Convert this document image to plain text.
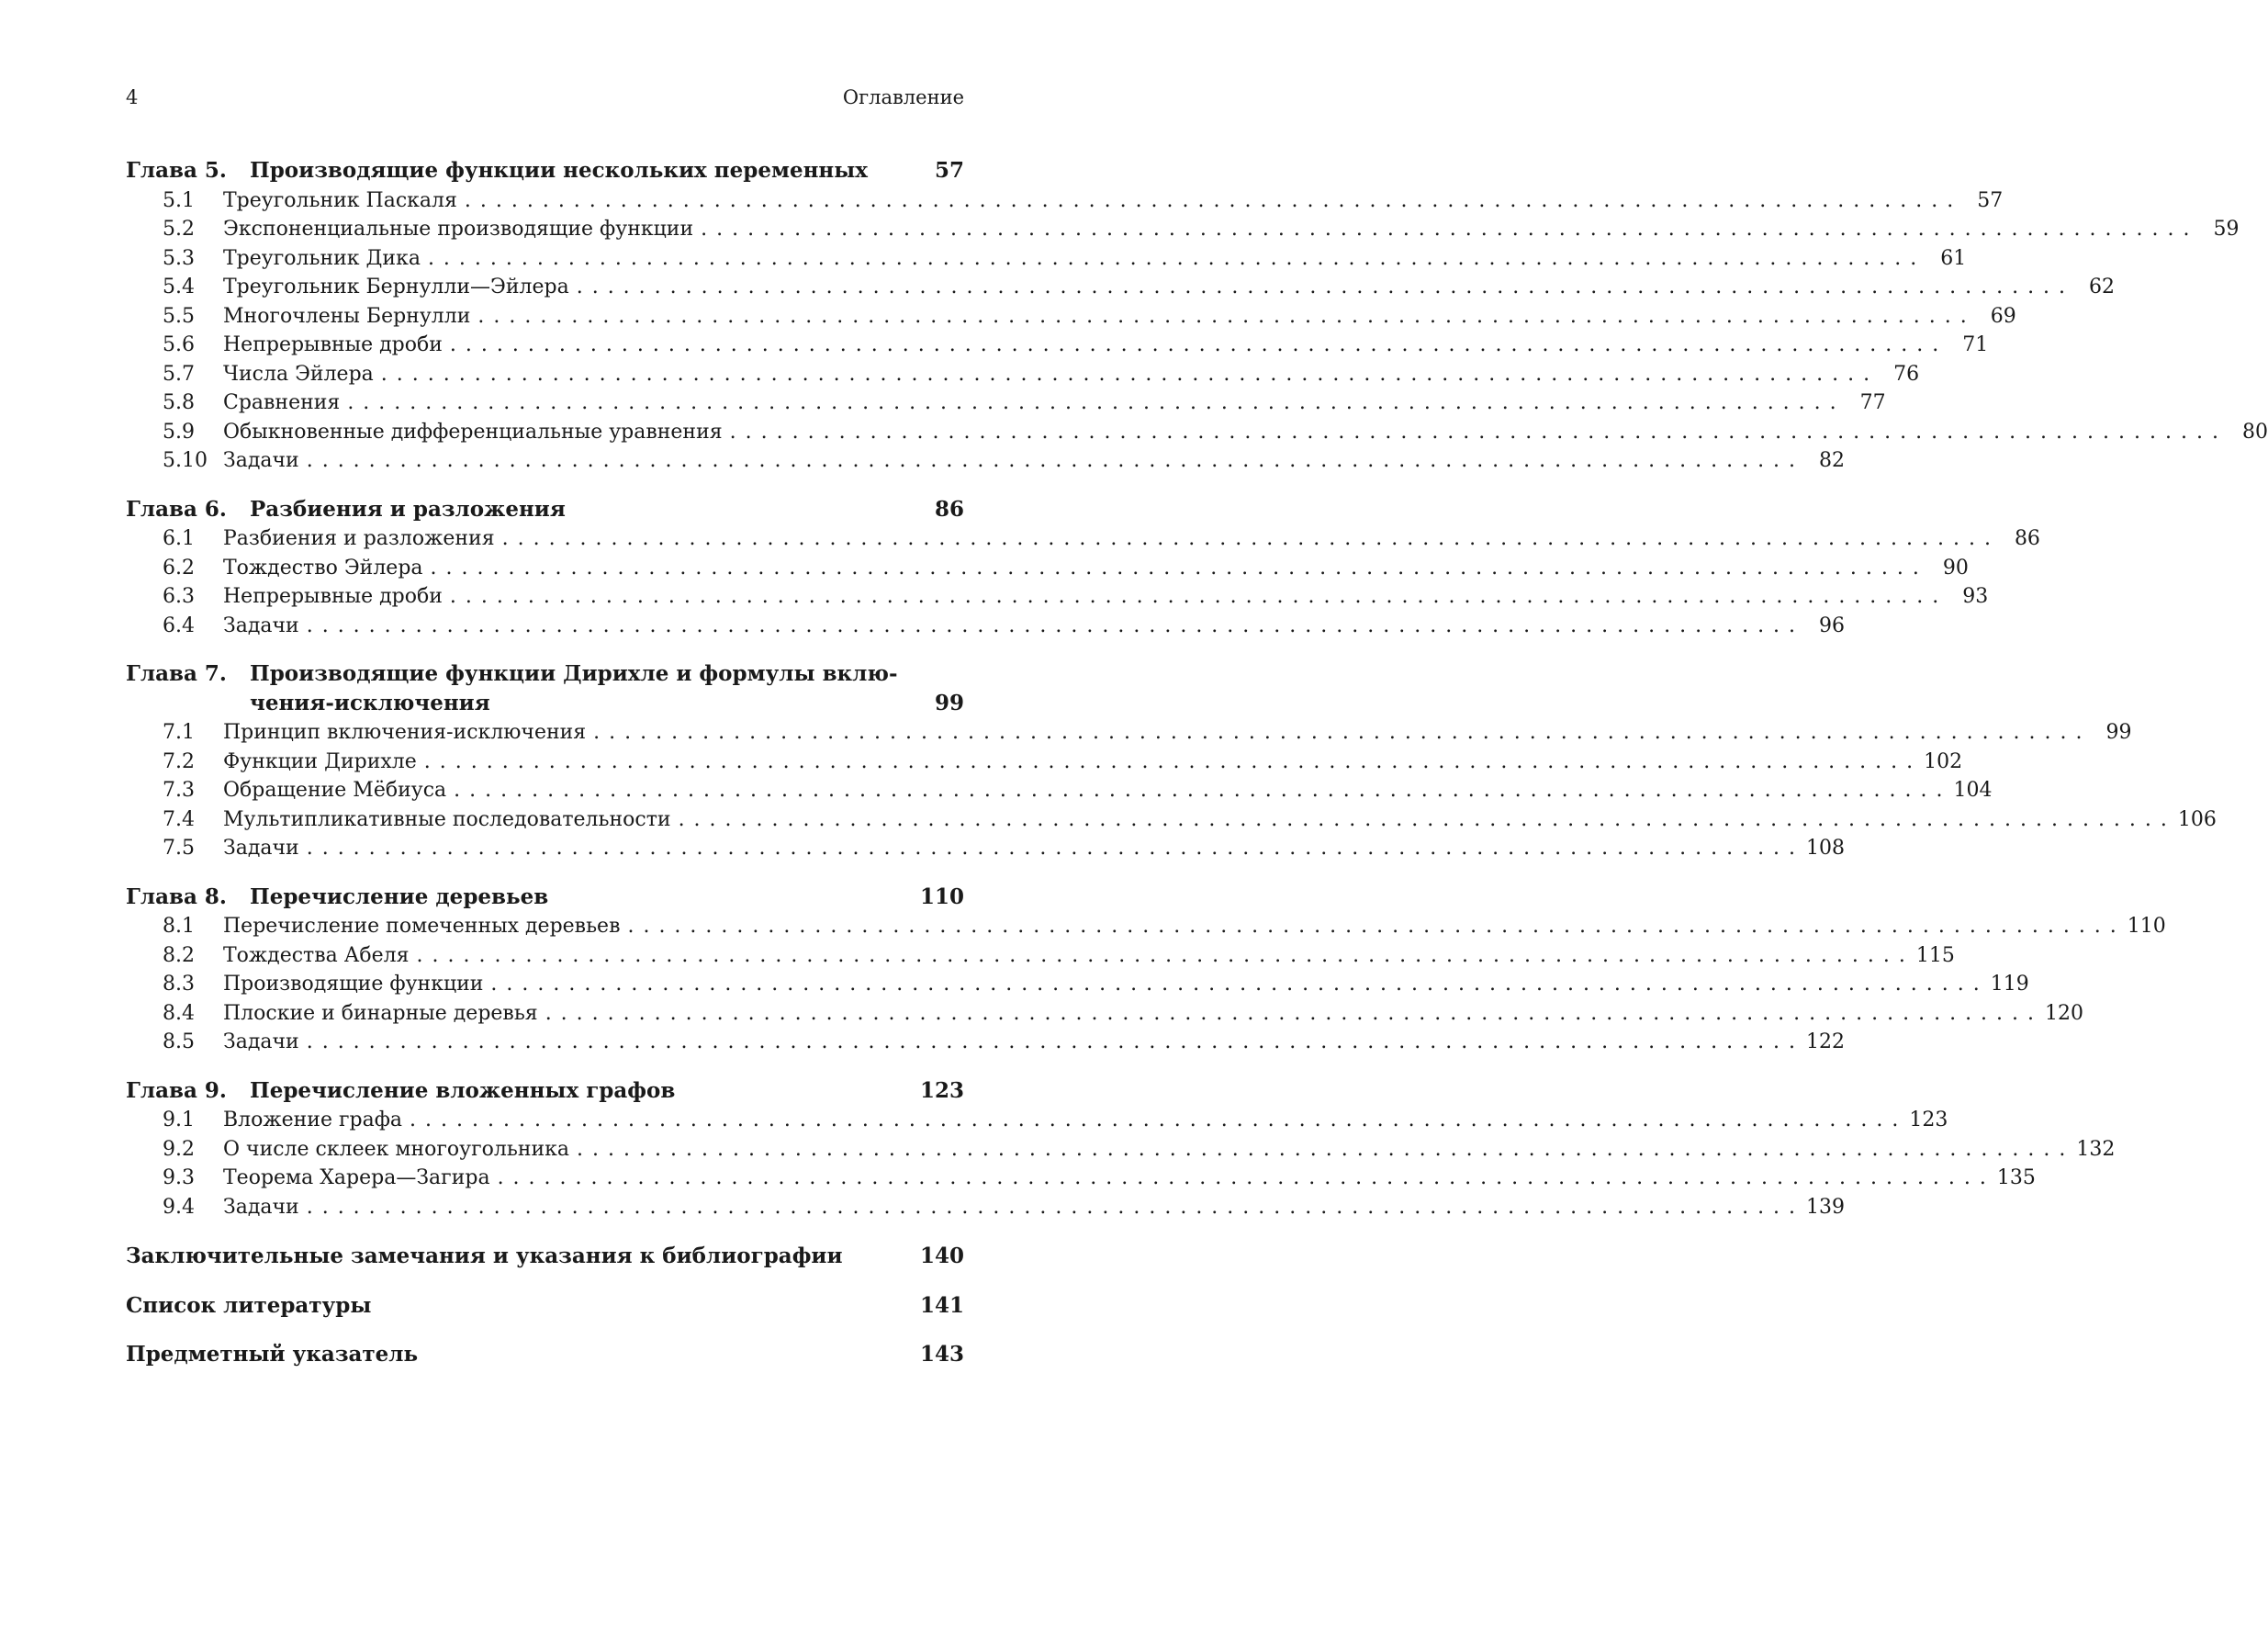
4	Оглавление
Глава 5.	Производящие функции нескольких переменных	57
5.1	Треугольник Паскаля ................................................................................................ 57
5.2	Экспоненциальные производящие функции ................................................................................................ 59
5.3	Треугольник Дика ................................................................................................ 61
5.4	Треугольник Бернулли—Эйлера ................................................................................................ 62
5.5	Многочлены Бернулли ................................................................................................ 69
5.6	Непрерывные дроби ................................................................................................ 71
5.7	Числа Эйлера ................................................................................................ 76
5.8	Сравнения ................................................................................................ 77
5.9	Обыкновенные дифференциальные уравнения ................................................................................................ 80
5.10 Задачи ................................................................................................ 82
Глава 6.	Разбиения и разложения	86
6.1	Разбиения и разложения ................................................................................................ 86
6.2	Тождество Эйлера ................................................................................................ 90
6.3	Непрерывные дроби ................................................................................................ 93
6.4	Задачи ................................................................................................ 96
Глава 7.	Производящие функции Дирихле и формулы вклю-
чения-исключения	99
7.1	Принцип включения-исключения ................................................................................................ 99
7.2	Функции Дирихле ................................................................................................ 102
7.3	Обращение Мёбиуса ................................................................................................ 104
7.4	Мультипликативные последовательности ................................................................................................ 106
7.5	Задачи ................................................................................................ 108
Глава 8.	Перечисление деревьев	110
8.1	Перечисление помеченных деревьев ................................................................................................ 110
8.2	Тождества Абеля ................................................................................................ 115
8.3	Производящие функции ................................................................................................ 119
8.4	Плоские и бинарные деревья ................................................................................................ 120
8.5	Задачи ................................................................................................ 122
Глава 9.	Перечисление вложенных графов	123
9.1	Вложение графа ................................................................................................ 123
9.2	О числе склеек многоугольника ................................................................................................ 132
9.3	Теорема Харера—Загира ................................................................................................ 135
9.4	Задачи ................................................................................................ 139
Заключительные замечания и указания к библиографии	140
Список литературы	141
Предметный указатель	143
